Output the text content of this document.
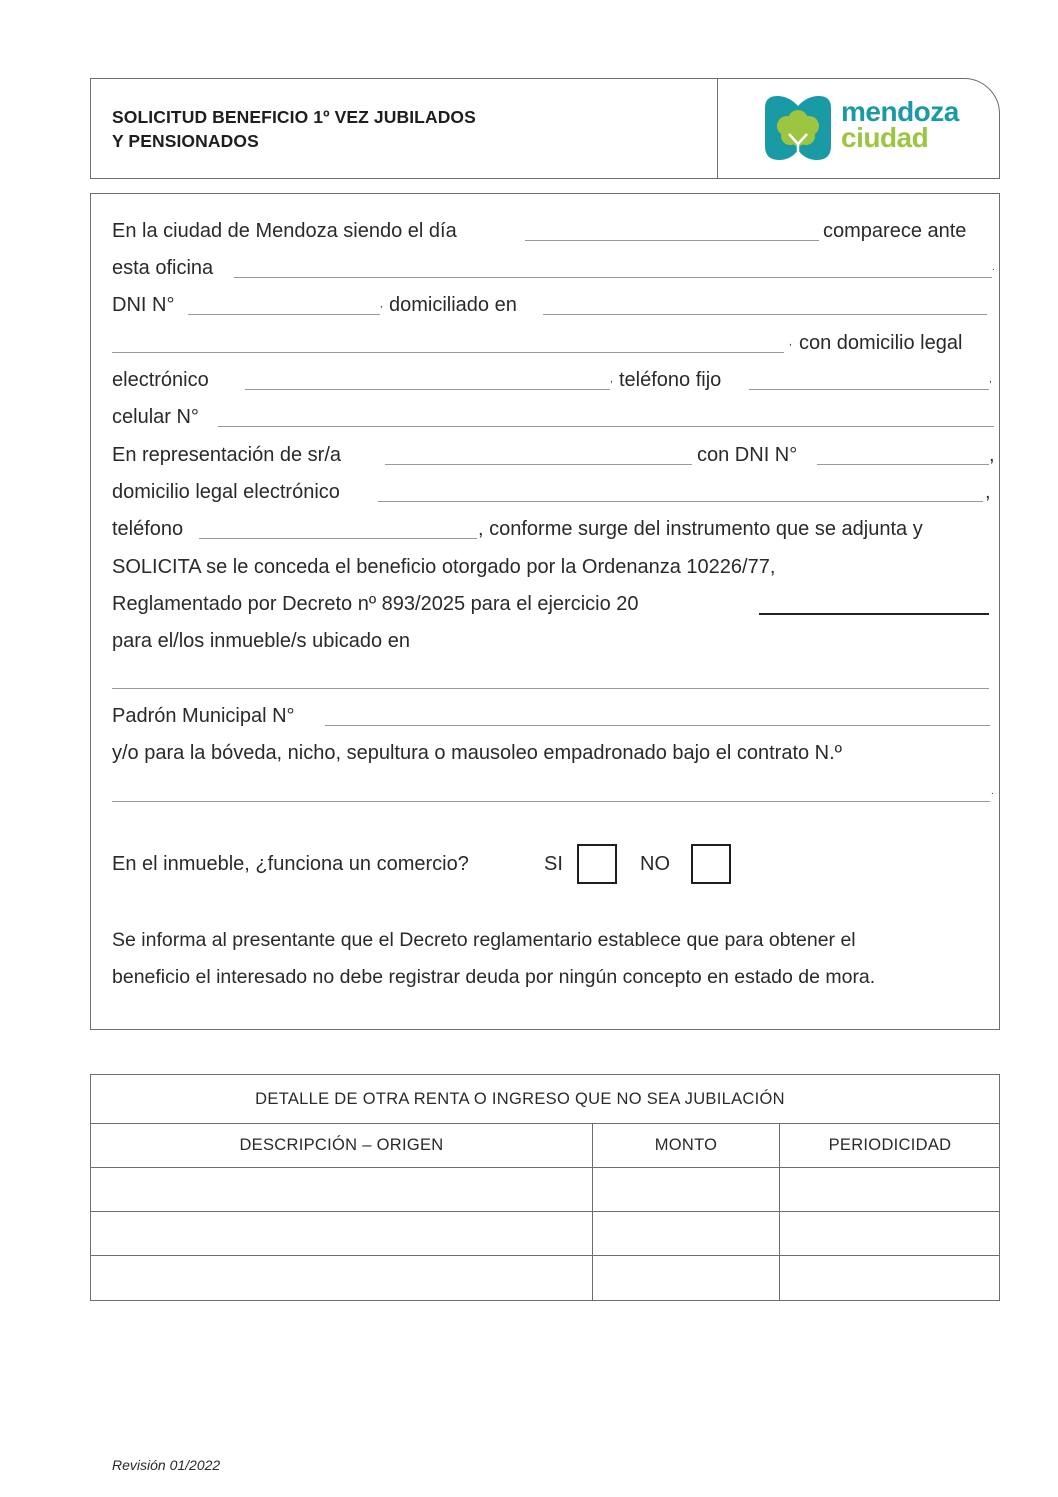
SOLICITUD BENEFICIO 1º VEZ JUBILADOS
Y PENSIONADOS
mendoza
ciudad
En la ciudad de Mendoza siendo el día	comparece ante
esta oficina	.
DNI N°	, domiciliado en
, con domicilio legal
electrónico	, teléfono fijo	,
celular N°
En representación de sr/a	con DNI N°	,
domicilio legal electrónico	,
teléfono	, conforme surge del instrumento que se adjunta y
SOLICITA se le conceda el beneficio otorgado por la Ordenanza 10226/77,
Reglamentado por Decreto nº 893/2025 para el ejercicio 20
para el/los inmueble/s ubicado en
Padrón Municipal N°
y/o para la bóveda, nicho, sepultura o mausoleo empadronado bajo el contrato N.º
.
En el inmueble, ¿funciona un comercio?	SI	NO
Se informa al presentante que el Decreto reglamentario establece que para obtener el
beneficio el interesado no debe registrar deuda por ningún concepto en estado de mora.
DETALLE DE OTRA RENTA O INGRESO QUE NO SEA JUBILACIÓN
DESCRIPCIÓN – ORIGEN	MONTO	PERIODICIDAD
Revisión 01/2022
